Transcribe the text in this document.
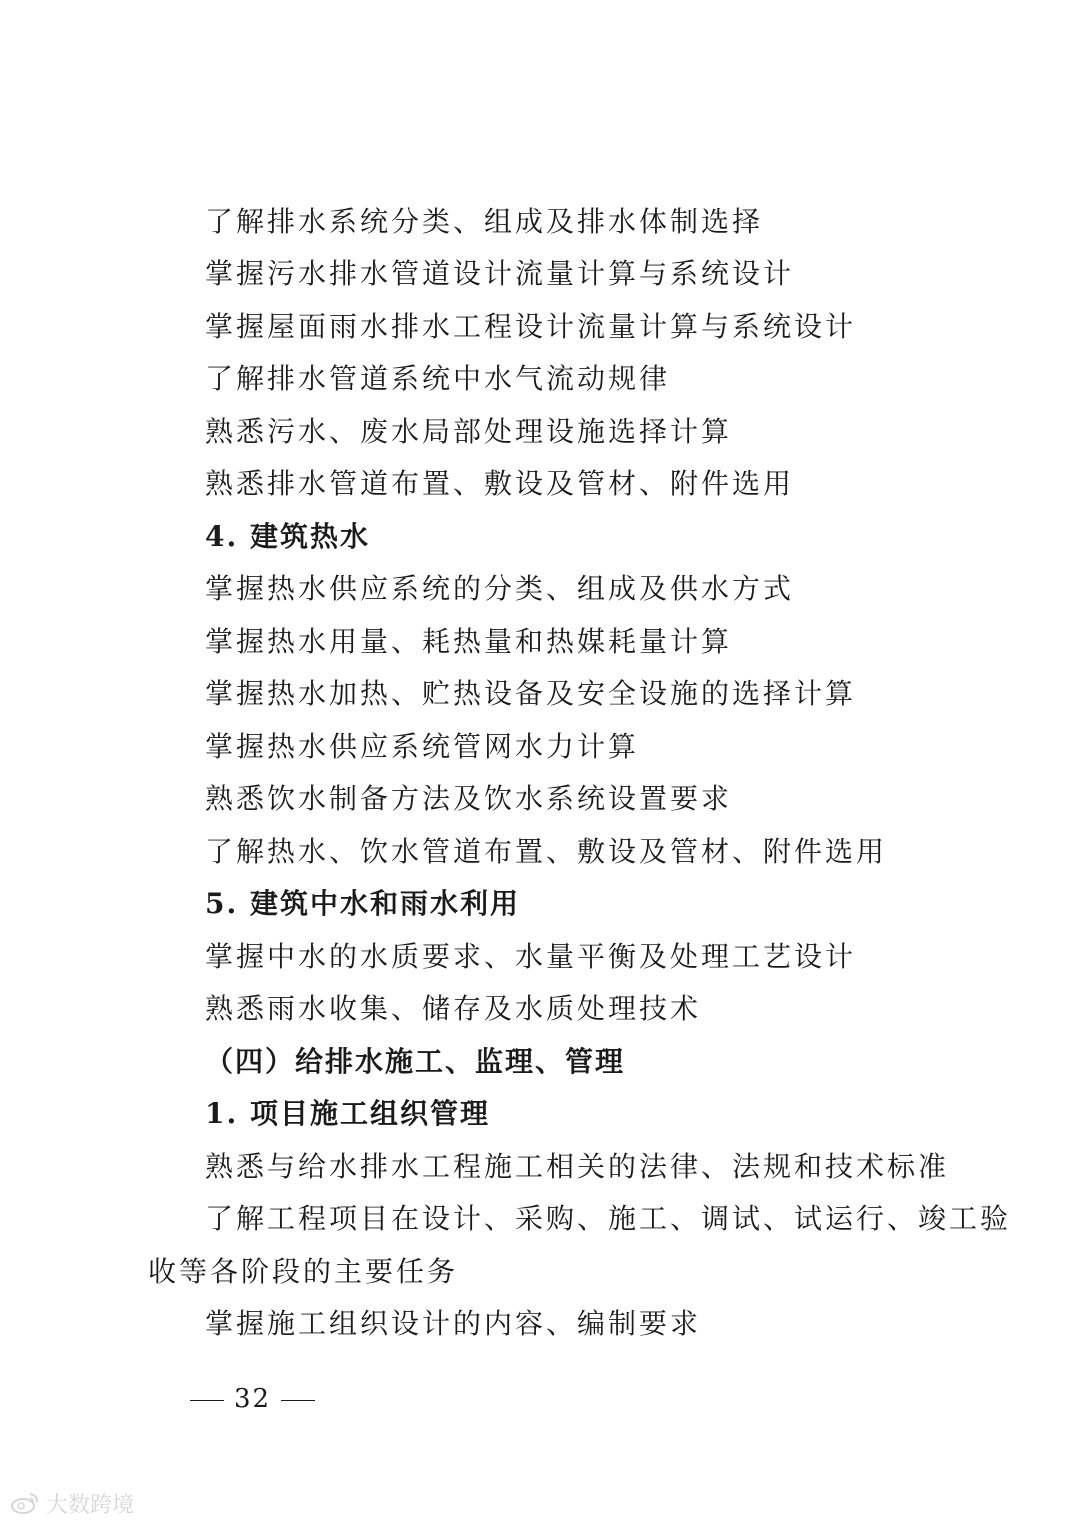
了解排水系统分类、组成及排水体制选择
掌握污水排水管道设计流量计算与系统设计
掌握屋面雨水排水工程设计流量计算与系统设计
了解排水管道系统中水气流动规律
熟悉污水、废水局部处理设施选择计算
熟悉排水管道布置、敷设及管材、附件选用
4. 建筑热水
掌握热水供应系统的分类、组成及供水方式
掌握热水用量、耗热量和热媒耗量计算
掌握热水加热、贮热设备及安全设施的选择计算
掌握热水供应系统管网水力计算
熟悉饮水制备方法及饮水系统设置要求
了解热水、饮水管道布置、敷设及管材、附件选用
5. 建筑中水和雨水利用
掌握中水的水质要求、水量平衡及处理工艺设计
熟悉雨水收集、储存及水质处理技术
（四）给排水施工、监理、管理
1. 项目施工组织管理
熟悉与给水排水工程施工相关的法律、法规和技术标准
了解工程项目在设计、采购、施工、调试、试运行、竣工验
收等各阶段的主要任务
掌握施工组织设计的内容、编制要求
32
大数跨境
